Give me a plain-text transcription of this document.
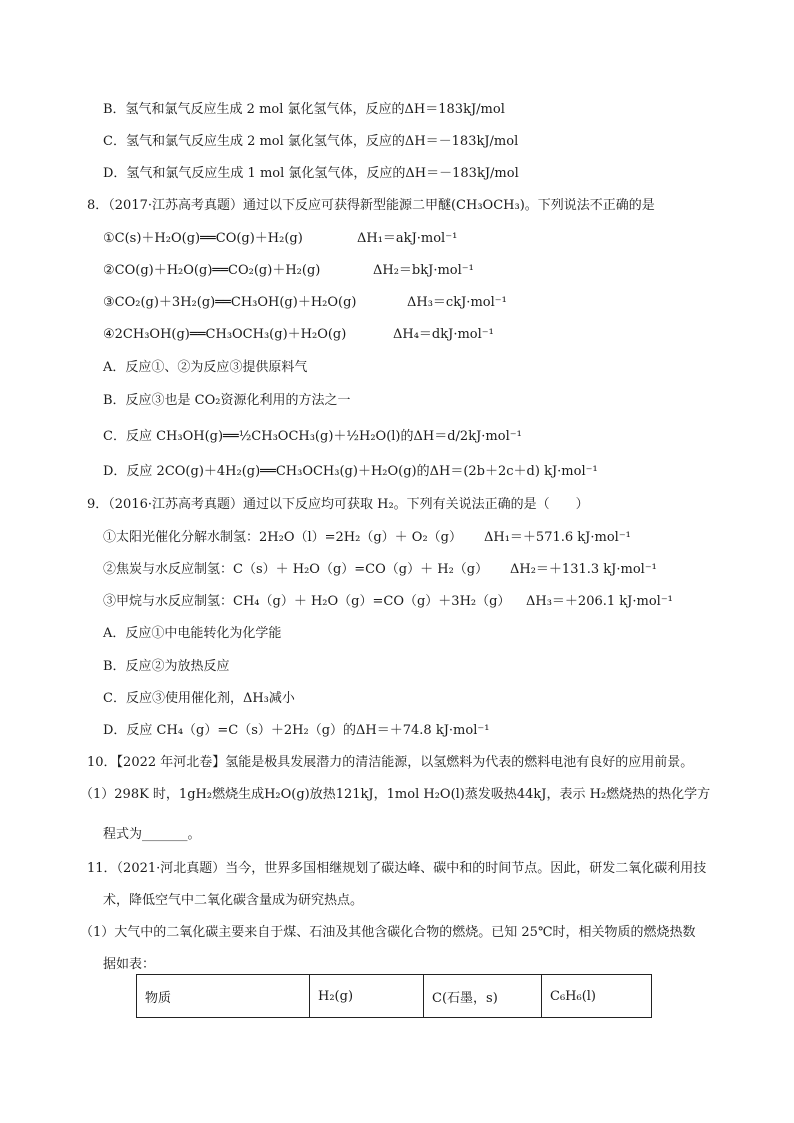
B．氢气和氯气反应生成 2 mol 氯化氢气体，反应的ΔH＝183kJ/mol
C．氢气和氯气反应生成 2 mol 氯化氢气体，反应的ΔH＝－183kJ/mol
D．氢气和氯气反应生成 1 mol 氯化氢气体，反应的ΔH＝－183kJ/mol
8．（2017·江苏高考真题）通过以下反应可获得新型能源二甲醚(CH₃OCH₃)。下列说法不正确的是
①C(s)＋H₂O(g)══CO(g)＋H₂(g)	ΔH₁＝akJ·mol⁻¹
②CO(g)＋H₂O(g)══CO₂(g)＋H₂(g)	ΔH₂＝bkJ·mol⁻¹
③CO₂(g)＋3H₂(g)══CH₃OH(g)＋H₂O(g)	ΔH₃＝ckJ·mol⁻¹
④2CH₃OH(g)══CH₃OCH₃(g)＋H₂O(g)	ΔH₄＝dkJ·mol⁻¹
A．反应①、②为反应③提供原料气
B．反应③也是 CO₂资源化利用的方法之一
C．反应 CH₃OH(g)══½CH₃OCH₃(g)＋½H₂O(l)的ΔH＝d/2kJ·mol⁻¹
D．反应 2CO(g)＋4H₂(g)══CH₃OCH₃(g)＋H₂O(g)的ΔH＝(2b＋2c＋d) kJ·mol⁻¹
9．（2016·江苏高考真题）通过以下反应均可获取 H₂。下列有关说法正确的是（　　）
①太阳光催化分解水制氢：2H₂O（l）=2H₂（g）＋ O₂（g） ΔH₁＝＋571.6 kJ·mol⁻¹
②焦炭与水反应制氢：C（s）＋ H₂O（g）=CO（g）＋ H₂（g） ΔH₂＝＋131.3 kJ·mol⁻¹
③甲烷与水反应制氢：CH₄（g）＋ H₂O（g）=CO（g）＋3H₂（g） ΔH₃＝＋206.1 kJ·mol⁻¹
A．反应①中电能转化为化学能
B．反应②为放热反应
C．反应③使用催化剂，ΔH₃减小
D．反应 CH₄（g）=C（s）＋2H₂（g）的ΔH＝＋74.8 kJ·mol⁻¹
10．【2022 年河北卷】氢能是极具发展潜力的清洁能源，以氢燃料为代表的燃料电池有良好的应用前景。
（1）298K 时，1gH₂燃烧生成H₂O(g)放热121kJ，1mol H₂O(l)蒸发吸热44kJ，表示 H₂燃烧热的热化学方
程式为_______。
11．（2021·河北真题）当今，世界多国相继规划了碳达峰、碳中和的时间节点。因此，研发二氧化碳利用技
术，降低空气中二氧化碳含量成为研究热点。
（1）大气中的二氧化碳主要来自于煤、石油及其他含碳化合物的燃烧。已知 25℃时，相关物质的燃烧热数
据如表：
物质	H₂(g)	C(石墨，s)	C₆H₆(l)
